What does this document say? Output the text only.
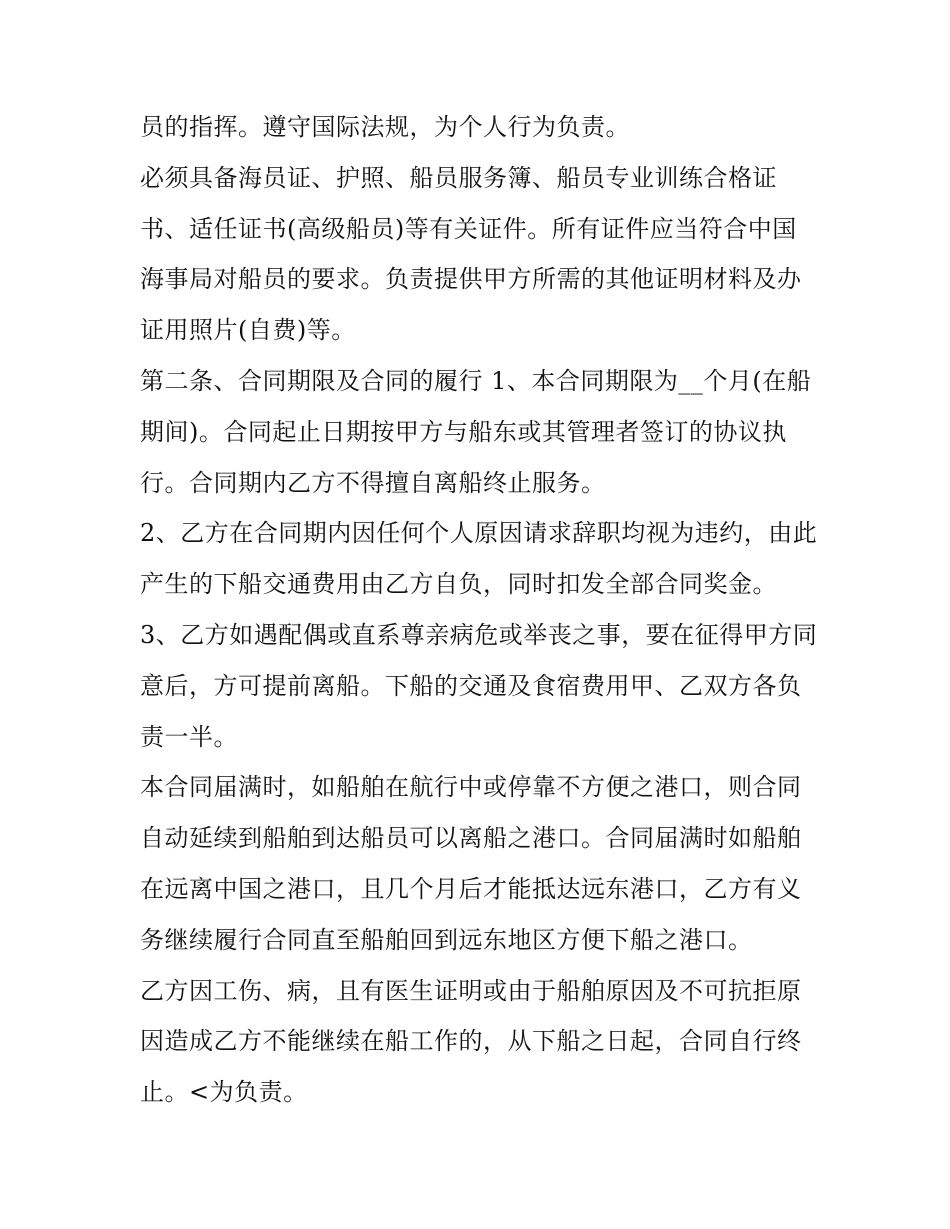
员的指挥。遵守国际法规，为个人行为负责。

必须具备海员证、护照、船员服务簿、船员专业训练合格证书、适任证书(高级船员)等有关证件。所有证件应当符合中国海事局对船员的要求。负责提供甲方所需的其他证明材料及办证用照片(自费)等。

第二条、合同期限及合同的履行 1、本合同期限为__个月(在船期间)。合同起止日期按甲方与船东或其管理者签订的协议执行。合同期内乙方不得擅自离船终止服务。

2、乙方在合同期内因任何个人原因请求辞职均视为违约，由此产生的下船交通费用由乙方自负，同时扣发全部合同奖金。

3、乙方如遇配偶或直系尊亲病危或举丧之事，要在征得甲方同意后，方可提前离船。下船的交通及食宿费用甲、乙双方各负责一半。

本合同届满时，如船舶在航行中或停靠不方便之港口，则合同自动延续到船舶到达船员可以离船之港口。合同届满时如船舶在远离中国之港口，且几个月后才能抵达远东港口，乙方有义务继续履行合同直至船舶回到远东地区方便下船之港口。

乙方因工伤、病，且有医生证明或由于船舶原因及不可抗拒原因造成乙方不能继续在船工作的，从下船之日起，合同自行终止。<为负责。
